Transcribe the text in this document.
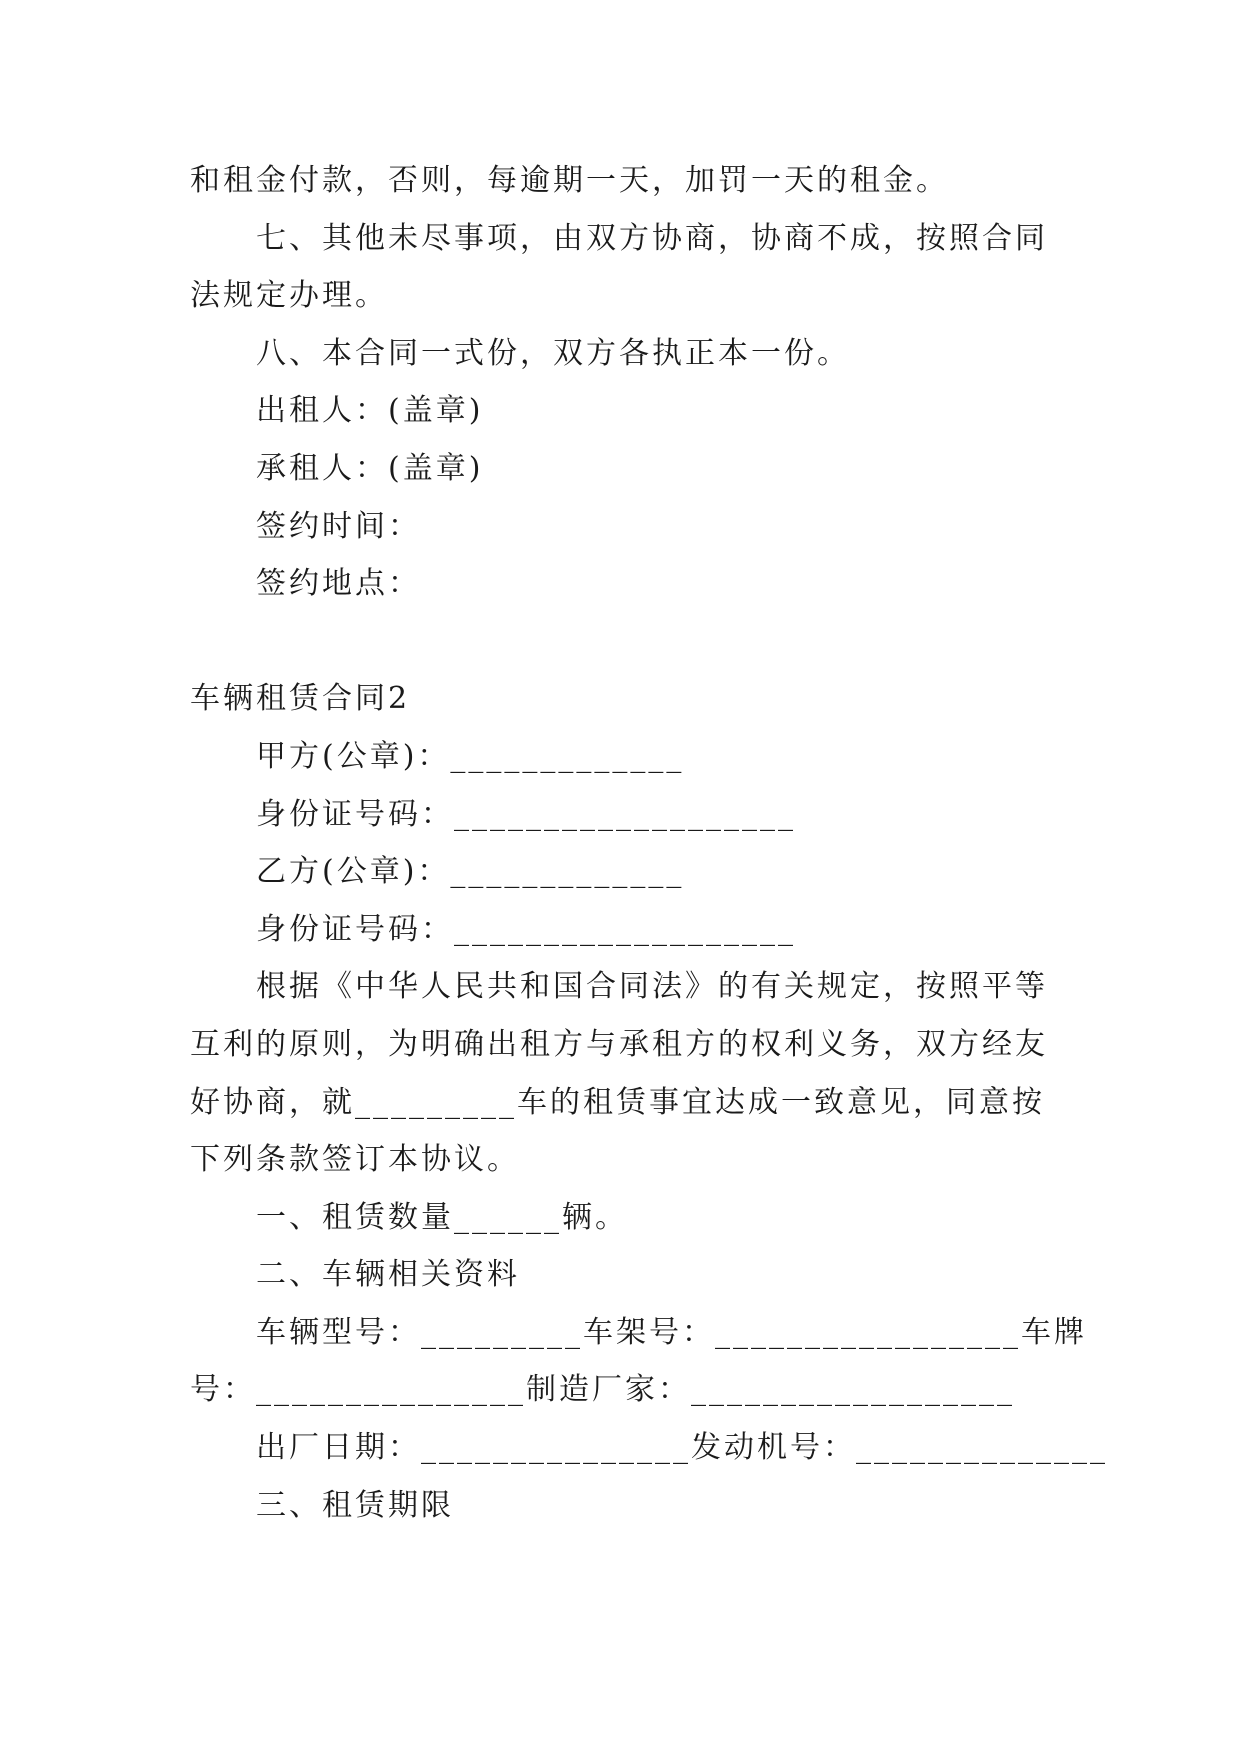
和租金付款，否则，每逾期一天，加罚一天的租金。
七、其他未尽事项，由双方协商，协商不成，按照合同
法规定办理。
八、本合同一式份，双方各执正本一份。
出租人：(盖章)
承租人：(盖章)
签约时间：
签约地点：
车辆租赁合同2
甲方(公章)：_____________
身份证号码：___________________
乙方(公章)：_____________
身份证号码：___________________
根据《中华人民共和国合同法》的有关规定，按照平等
互利的原则，为明确出租方与承租方的权利义务，双方经友
好协商，就_________车的租赁事宜达成一致意见，同意按
下列条款签订本协议。
一、租赁数量______辆。
二、车辆相关资料
车辆型号：_________车架号：_________________车牌
号：_______________制造厂家：__________________
出厂日期：_______________发动机号：______________
三、租赁期限
